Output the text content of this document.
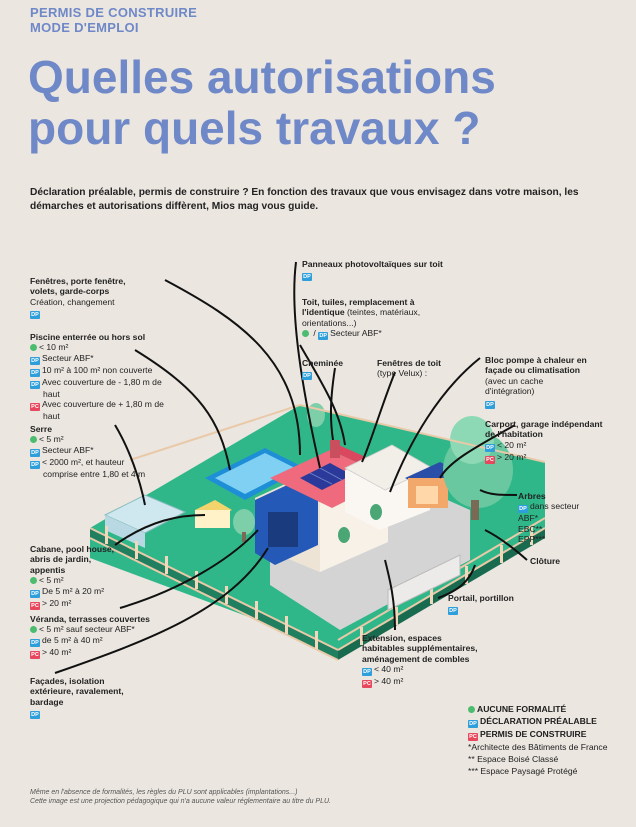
PERMIS DE CONSTRUIRE
MODE D'EMPLOI
Quelles autorisations
pour quels travaux ?
Déclaration préalable, permis de construire ? En fonction des travaux que vous envisagez dans votre maison, les démarches et autorisations diffèrent, Mios mag vous guide.
Fenêtres, porte fenêtre,
volets, garde-corps
Création, changement
DP
Piscine enterrée ou hors sol
< 10 m²
DP Secteur ABF*
DP 10 m² à 100 m² non couverte
DP Avec couverture de - 1,80 m de
haut
PC Avec couverture de + 1,80 m de
haut
Serre
< 5 m²
DP Secteur ABF*
DP < 2000 m², et hauteur
comprise entre 1,80 et 4 m
Cabane, pool house,
abris de jardin,
appentis
< 5 m²
DP De 5 m² à 20 m²
PC > 20 m²
Véranda, terrasses couvertes
< 5 m² sauf secteur ABF*
DP de 5 m² à 40 m²
PC > 40 m²
Façades, isolation
extérieure, ravalement,
bardage
DP
Panneaux photovoltaïques sur toit
DP
Toit, tuiles, remplacement à
l'identique (teintes, matériaux,
orientations...)
/ DP Secteur ABF*
Cheminée
DP
Fenêtres de toit
(type Velux) :
Bloc pompe à chaleur en
façade ou climatisation
(avec un cache
d'intégration)
DP
Carport, garage indépendant
de l'habitation
DP < 20 m²
PC > 20 m²
Arbres
DP dans secteur
ABF*
EBC**
EPP***
Clôture
Portail, portillon
DP
Extension, espaces
habitables supplémentaires,
aménagement de combles
DP < 40 m²
PC > 40 m²
AUCUNE FORMALITÉ
DP DÉCLARATION PRÉALABLE
PC PERMIS DE CONSTRUIRE
*Architecte des Bâtiments de France
** Espace Boisé Classé
*** Espace Paysagé Protégé
Même en l'absence de formalités, les règles du PLU sont applicables (implantations...)
Cette image est une projection pédagogique qui n'a aucune valeur réglementaire au titre du PLU.
